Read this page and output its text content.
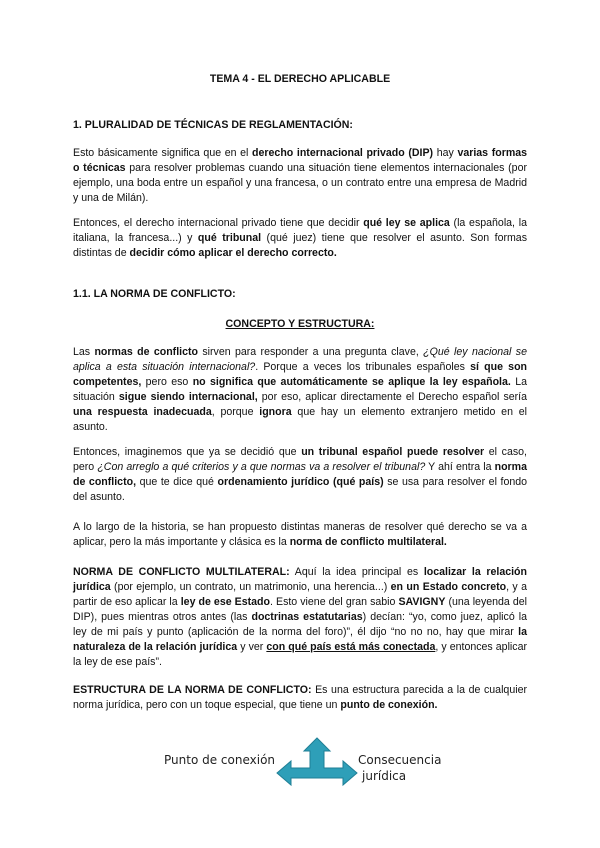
TEMA 4 - EL DERECHO APLICABLE

1. PLURALIDAD DE TÉCNICAS DE REGLAMENTACIÓN:

Esto básicamente significa que en el derecho internacional privado (DIP) hay varias formas o técnicas para resolver problemas cuando una situación tiene elementos internacionales (por ejemplo, una boda entre un español y una francesa, o un contrato entre una empresa de Madrid y una de Milán).

Entonces, el derecho internacional privado tiene que decidir qué ley se aplica (la española, la italiana, la francesa...) y qué tribunal (qué juez) tiene que resolver el asunto. Son formas distintas de decidir cómo aplicar el derecho correcto.

1.1. LA NORMA DE CONFLICTO:

CONCEPTO Y ESTRUCTURA:

Las normas de conflicto sirven para responder a una pregunta clave, ¿Qué ley nacional se aplica a esta situación internacional?. Porque a veces los tribunales españoles sí que son competentes, pero eso no significa que automáticamente se aplique la ley española. La situación sigue siendo internacional, por eso, aplicar directamente el Derecho español sería una respuesta inadecuada, porque ignora que hay un elemento extranjero metido en el asunto.

Entonces, imaginemos que ya se decidió que un tribunal español puede resolver el caso, pero ¿Con arreglo a qué criterios y a que normas va a resolver el tribunal? Y ahí entra la norma de conflicto, que te dice qué ordenamiento jurídico (qué país) se usa para resolver el fondo del asunto.

A lo largo de la historia, se han propuesto distintas maneras de resolver qué derecho se va a aplicar, pero la más importante y clásica es la norma de conflicto multilateral.

NORMA DE CONFLICTO MULTILATERAL: Aquí la idea principal es localizar la relación jurídica (por ejemplo, un contrato, un matrimonio, una herencia...) en un Estado concreto, y a partir de eso aplicar la ley de ese Estado. Esto viene del gran sabio SAVIGNY (una leyenda del DIP), pues mientras otros antes (las doctrinas estatutarias) decían: “yo, como juez, aplicó la ley de mi país y punto (aplicación de la norma del foro)”, él dijo “no no no, hay que mirar la naturaleza de la relación jurídica y ver con qué país está más conectada, y entonces aplicar la ley de ese país”.

ESTRUCTURA DE LA NORMA DE CONFLICTO: Es una estructura parecida a la de cualquier norma jurídica, pero con un toque especial, que tiene un punto de conexión.

Punto de conexión	Consecuencia
jurídica
